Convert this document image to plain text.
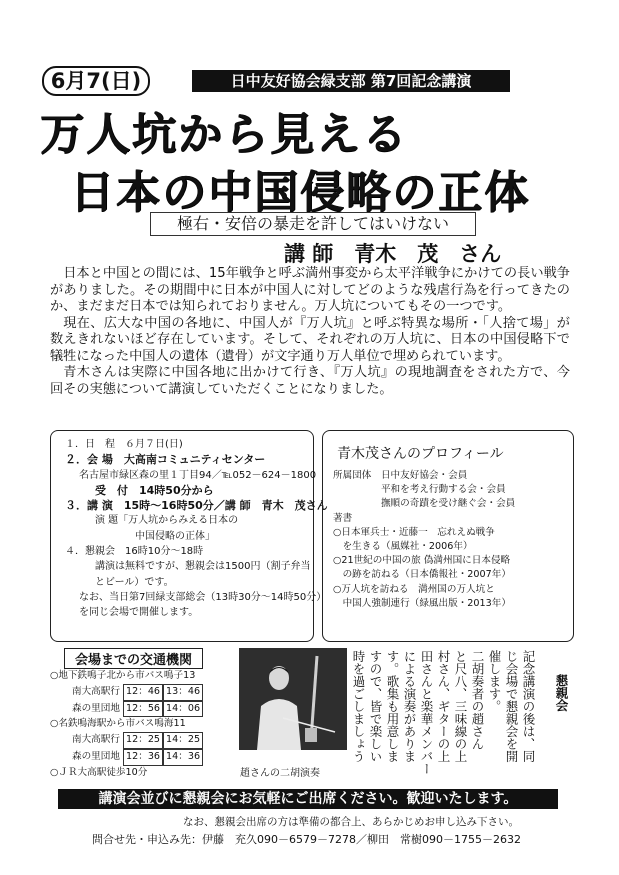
6月7(日)	日中友好協会緑支部 第7回記念講演
万人坑から見える
日本の中国侵略の正体
極右・安倍の暴走を許してはいけない
講 師　青木　茂　さん

日本と中国との間には、15年戦争と呼ぶ満州事変から太平洋戦争にかけての長い戦争がありました。その期間中に日本が中国人に対してどのような残虐行為を行ってきたのか、まだまだ日本では知られておりません。万人坑についてもその一つです。

現在、広大な中国の各地に、中国人が『万人坑』と呼ぶ特異な場所・「人捨て場」が数えきれないほど存在しています。そして、それぞれの万人坑に、日本の中国侵略下で犠牲になった中国人の遺体（遺骨）が文字通り万人単位で埋められています。

青木さんは実際に中国各地に出かけて行き、『万人坑』の現地調査をされた方で、今回その実態について講演していただくことになりました。

１．日　程　６月７日(日)
２．会 場　大高南コミュニティセンター
名古屋市緑区森の里１丁目94／℡052－624－1800
受　付　14時50分から
３．講 演　15時～16時50分／講 師　青木　茂さん
演 題「万人坑からみえる日本の
中国侵略の正体」
４．懇親会　16時10分～18時
講演は無料ですが、懇親会は1500円（割子弁当
とビール）です。
なお、当日第7回緑支部総会（13時30分～14時50分）
を同じ会場で開催します。
青木茂さんのプロフィール
所属団体　日中友好協会・会員
　　　　　平和を考え行動する会・会員
　　　　　撫順の奇蹟を受け継ぐ会・会員
著書
○日本軍兵士・近藤一　忘れえぬ戦争
　を生きる（風媒社・2006年）
○21世紀の中国の旅 偽満州国に日本侵略
　の跡を訪ねる（日本僑報社・2007年）
○万人坑を訪ねる　満州国の万人坑と
　中国人強制連行（緑風出版・2013年）
会場までの交通機関
○地下鉄鳴子北から市バス鳴子13
南大高駅行 12：46 13：46
森の里団地 12：56 14：06
○名鉄鳴海駅から市バス鳴海11
南大高駅行 12：25 14：25
森の里団地 12：36 14：36
○ＪＲ大高駅徒歩10分	趙さんの二胡演奏
懇親会
記念講演の後は、同
じ会場で懇親会を開
催します。
二胡奏者の趙さん
と尺八、三味線の上
村さん、ギターの上
田さんと楽華メンバー
による演奏がありま
す。歌集も用意しま
すので、皆で楽しい
時を過ごしましょう
講演会並びに懇親会にお気軽にご出席ください。歓迎いたします。
なお、懇親会出席の方は準備の都合上、あらかじめお申し込み下さい。
問合せ先・申込み先：伊藤　充久090－6579－7278／柳田　常樹090－1755－2632
